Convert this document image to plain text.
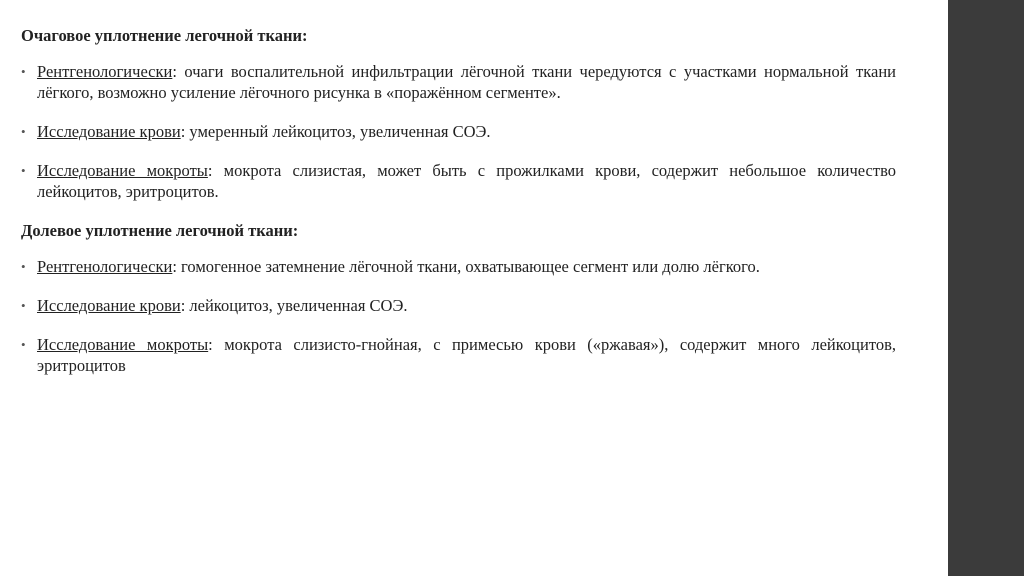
Очаговое уплотнение легочной ткани:

• Рентгенологически: очаги воспалительной инфильтрации лёгочной ткани чередуются с участками нормальной ткани лёгкого, возможно усиление лёгочного рисунка в «поражённом сегменте».

• Исследование крови: умеренный лейкоцитоз, увеличенная СОЭ.

• Исследование мокроты: мокрота слизистая, может быть с прожилками крови, содержит небольшое количество лейкоцитов, эритроцитов.

Долевое уплотнение легочной ткани:

• Рентгенологически: гомогенное затемнение лёгочной ткани, охватывающее сегмент или долю лёгкого.

• Исследование крови: лейкоцитоз, увеличенная СОЭ.

• Исследование мокроты: мокрота слизисто-гнойная, с примесью крови («ржавая»), содержит много лейкоцитов, эритроцитов
